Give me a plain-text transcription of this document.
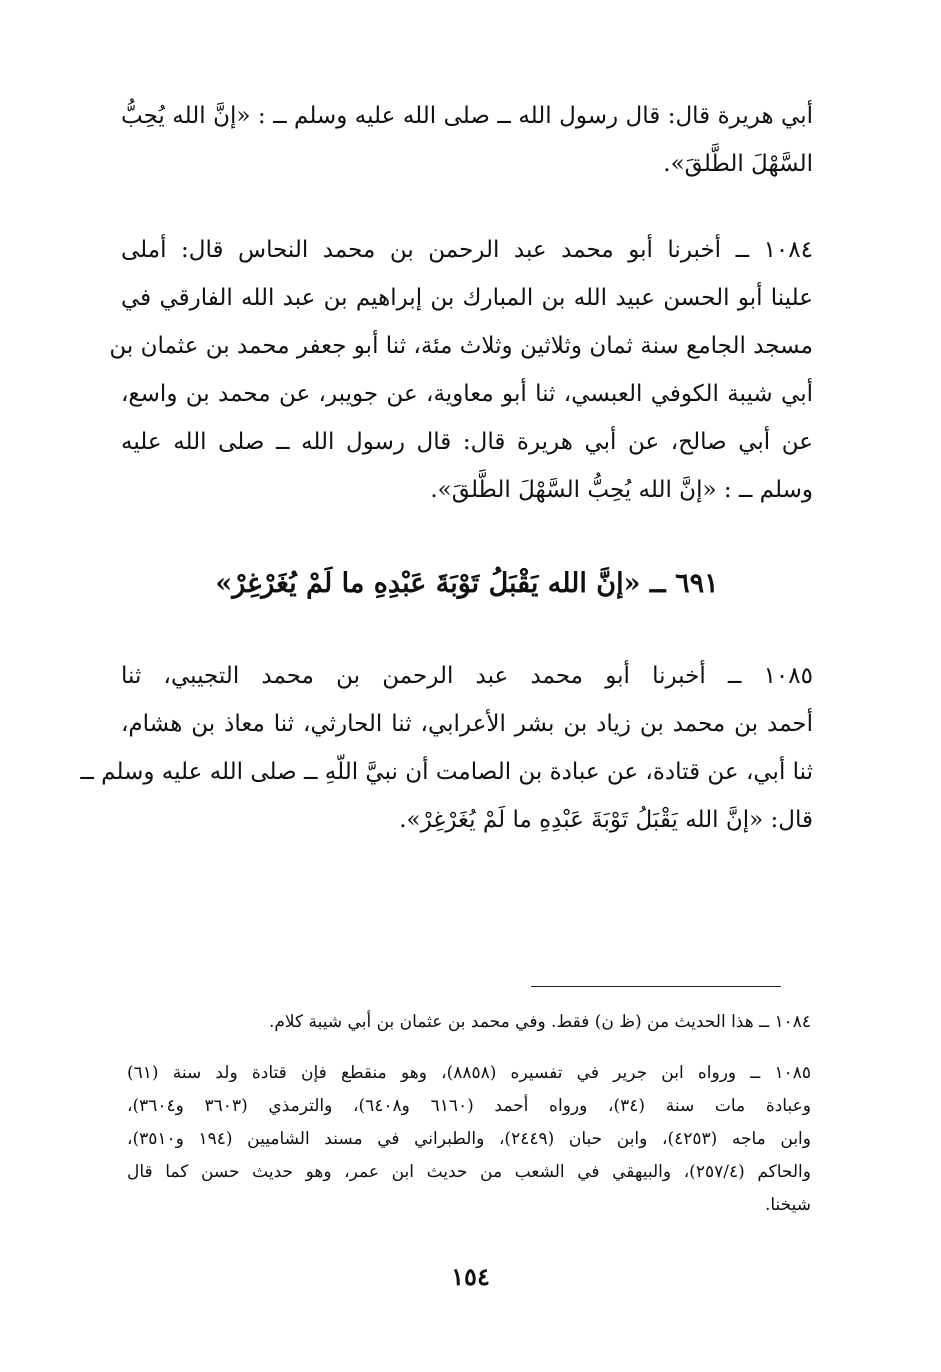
أبي هريرة قال: قال رسول الله ــ صلى الله عليه وسلم ــ : «إنَّ الله يُحِبُّ
السَّهْلَ الطَّلقَ».
١٠٨٤ ــ أخبرنا أبو محمد عبد الرحمن بن محمد النحاس قال: أملى
علينا أبو الحسن عبيد الله بن المبارك بن إبراهيم بن عبد الله الفارقي في
مسجد الجامع سنة ثمان وثلاثين وثلاث مئة، ثنا أبو جعفر محمد بن عثمان بن
أبي شيبة الكوفي العبسي، ثنا أبو معاوية، عن جويبر، عن محمد بن واسع،
عن أبي صالح، عن أبي هريرة قال: قال رسول الله ــ صلى الله عليه
وسلم ــ : «إنَّ الله يُحِبُّ السَّهْلَ الطَّلقَ».
٦٩١ ــ «إنَّ الله يَقْبَلُ تَوْبَةَ عَبْدِهِ ما لَمْ يُغَرْغِرْ»
١٠٨٥ ــ أخبرنا أبو محمد عبد الرحمن بن محمد التجيبي، ثنا
أحمد بن محمد بن زياد بن بشر الأعرابي، ثنا الحارثي، ثنا معاذ بن هشام،
ثنا أبي، عن قتادة، عن عبادة بن الصامت أن نبيَّ اللّهِ ــ صلى الله عليه وسلم ــ
قال: «إنَّ الله يَقْبَلُ تَوْبَةَ عَبْدِهِ ما لَمْ يُغَرْغِرْ».
١٠٨٤ ــ هذا الحديث من (ظ ن) فقط. وفي محمد بن عثمان بن أبي شيبة كلام.
١٠٨٥ ــ ورواه ابن جرير في تفسيره (٨٨٥٨)، وهو منقطع فإن قتادة ولد سنة (٦١)
وعبادة مات سنة (٣٤)، ورواه أحمد (٦١٦٠ و٦٤٠٨)، والترمذي (٣٦٠٣ و٣٦٠٤)،
وابن ماجه (٤٢٥٣)، وابن حبان (٢٤٤٩)، والطبراني في مسند الشاميين (١٩٤ و٣٥١٠)،
والحاكم (٢٥٧/٤)، والبيهقي في الشعب من حديث ابن عمر، وهو حديث حسن كما قال
شيخنا.
١٥٤
